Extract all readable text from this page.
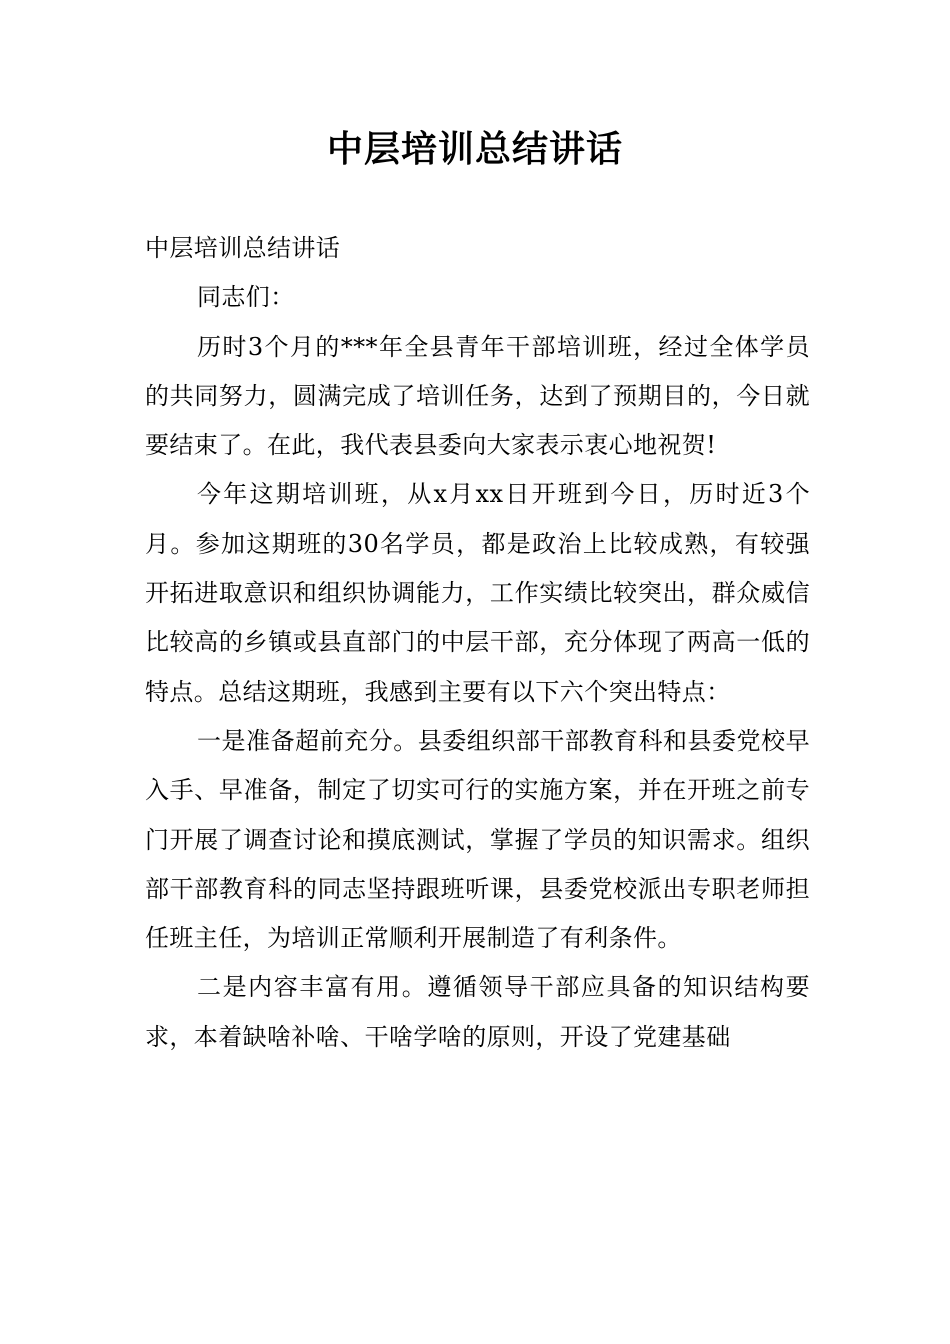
中层培训总结讲话

中层培训总结讲话

同志们：

历时3个月的***年全县青年干部培训班，经过全体学员的共同努力，圆满完成了培训任务，达到了预期目的，今日就要结束了。在此，我代表县委向大家表示衷心地祝贺!

今年这期培训班，从x月xx日开班到今日，历时近3个月。参加这期班的30名学员，都是政治上比较成熟，有较强开拓进取意识和组织协调能力，工作实绩比较突出，群众威信比较高的乡镇或县直部门的中层干部，充分体现了两高一低的特点。总结这期班，我感到主要有以下六个突出特点：

一是准备超前充分。县委组织部干部教育科和县委党校早入手、早准备，制定了切实可行的实施方案，并在开班之前专门开展了调查讨论和摸底测试，掌握了学员的知识需求。组织部干部教育科的同志坚持跟班听课，县委党校派出专职老师担任班主任，为培训正常顺利开展制造了有利条件。

二是内容丰富有用。遵循领导干部应具备的知识结构要求，本着缺啥补啥、干啥学啥的原则，开设了党建基础
